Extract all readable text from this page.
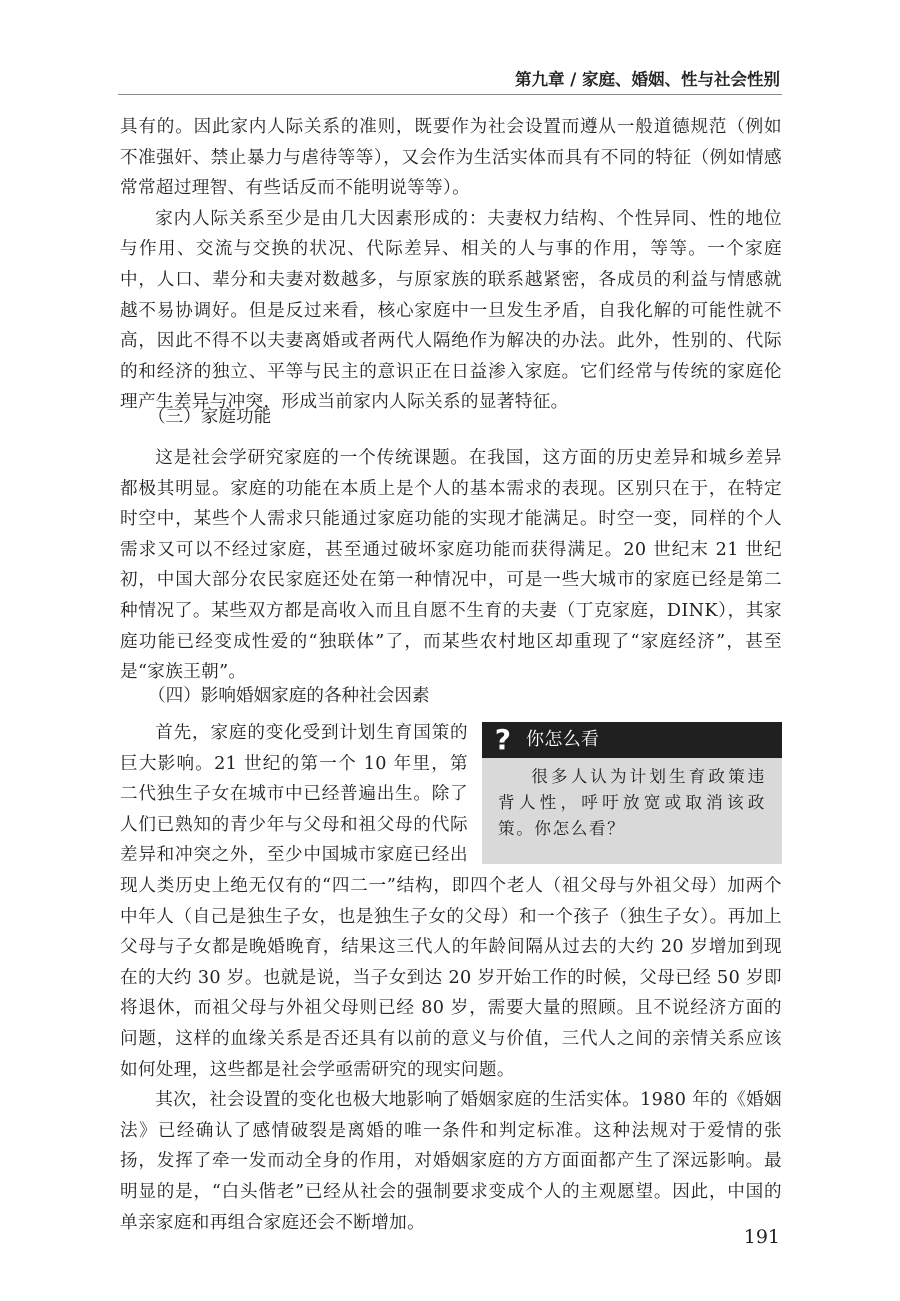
第九章 / 家庭、婚姻、性与社会性别

具有的。因此家内人际关系的准则，既要作为社会设置而遵从一般道德规范（例如不准强奸、禁止暴力与虐待等等），又会作为生活实体而具有不同的特征（例如情感常常超过理智、有些话反而不能明说等等）。

家内人际关系至少是由几大因素形成的：夫妻权力结构、个性异同、性的地位与作用、交流与交换的状况、代际差异、相关的人与事的作用，等等。一个家庭中，人口、辈分和夫妻对数越多，与原家族的联系越紧密，各成员的利益与情感就越不易协调好。但是反过来看，核心家庭中一旦发生矛盾，自我化解的可能性就不高，因此不得不以夫妻离婚或者两代人隔绝作为解决的办法。此外，性别的、代际的和经济的独立、平等与民主的意识正在日益渗入家庭。它们经常与传统的家庭伦理产生差异与冲突，形成当前家内人际关系的显著特征。

（三）家庭功能

这是社会学研究家庭的一个传统课题。在我国，这方面的历史差异和城乡差异都极其明显。家庭的功能在本质上是个人的基本需求的表现。区别只在于，在特定时空中，某些个人需求只能通过家庭功能的实现才能满足。时空一变，同样的个人需求又可以不经过家庭，甚至通过破坏家庭功能而获得满足。20 世纪末 21 世纪初，中国大部分农民家庭还处在第一种情况中，可是一些大城市的家庭已经是第二种情况了。某些双方都是高收入而且自愿不生育的夫妻（丁克家庭，DINK），其家庭功能已经变成性爱的“独联体”了，而某些农村地区却重现了“家庭经济”，甚至是“家族王朝”。

（四）影响婚姻家庭的各种社会因素
? 你怎么看
很多人认为计划生育政策违背人性，呼吁放宽或取消该政策。你怎么看？

首先，家庭的变化受到计划生育国策的巨大影响。21 世纪的第一个 10 年里，第二代独生子女在城市中已经普遍出生。除了人们已熟知的青少年与父母和祖父母的代际差异和冲突之外，至少中国城市家庭已经出现人类历史上绝无仅有的“四二一”结构，即四个老人（祖父母与外祖父母）加两个中年人（自己是独生子女，也是独生子女的父母）和一个孩子（独生子女）。再加上父母与子女都是晚婚晚育，结果这三代人的年龄间隔从过去的大约 20 岁增加到现在的大约 30 岁。也就是说，当子女到达 20 岁开始工作的时候，父母已经 50 岁即将退休，而祖父母与外祖父母则已经 80 岁，需要大量的照顾。且不说经济方面的问题，这样的血缘关系是否还具有以前的意义与价值，三代人之间的亲情关系应该如何处理，这些都是社会学亟需研究的现实问题。

其次，社会设置的变化也极大地影响了婚姻家庭的生活实体。1980 年的《婚姻法》已经确认了感情破裂是离婚的唯一条件和判定标准。这种法规对于爱情的张扬，发挥了牵一发而动全身的作用，对婚姻家庭的方方面面都产生了深远影响。最明显的是，“白头偕老”已经从社会的强制要求变成个人的主观愿望。因此，中国的单亲家庭和再组合家庭还会不断增加。

191
